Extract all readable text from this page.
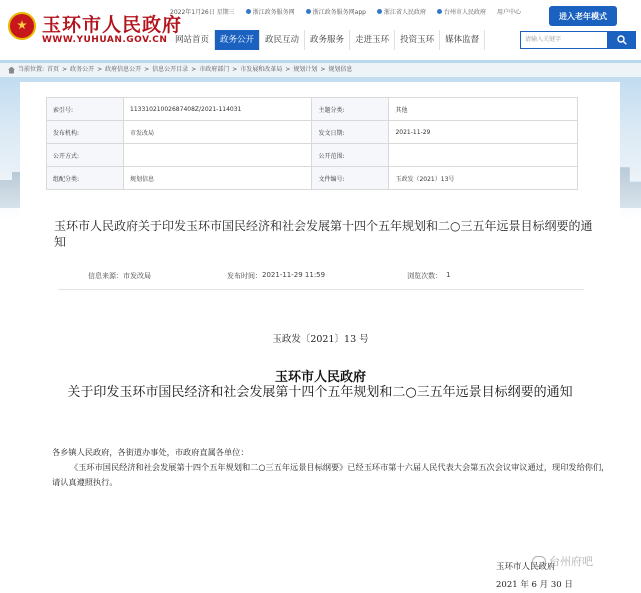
玉环市人民政府
WWW.YUHUAN.GOV.CN
2022年1月26日 星期三	浙江政务服务网	浙江政务服务网app	浙江省人民政府	台州市人民政府 用户中心	进入老年模式
网站首页	政务公开	政民互动	政务服务	走进玉环	投资玉环	媒体监督	请输入关键字
当前位置: 首页 > 政务公开 > 政府信息公开 > 信息公开目录 > 市政府部门 > 市发展和改革局 > 规划计划 > 规划信息
索引号:	11331021002687408Z/2021-114031	主题分类:	其他
发布机构:	市发改局	发文日期:	2021-11-29
公开方式:		公开范围:	
组配分类:	规划信息	文件编号:	玉政发（2021）13号
玉环市人民政府关于印发玉环市国民经济和社会发展第十四个五年规划和二○三五年远景目标纲要的通知
信息来源： 市发改局	发布时间： 2021-11-29 11:59	浏览次数： 1
玉政发〔2021〕13 号
玉环市人民政府
关于印发玉环市国民经济和社会发展第十四个五年规划和二○三五年远景目标纲要的通知

各乡镇人民政府，各街道办事处，市政府直属各单位：

《玉环市国民经济和社会发展第十四个五年规划和二○三五年远景目标纲要》已经玉环市第十六届人民代表大会第五次会议审议通过，现印发给你们，请认真遵照执行。

玉环市人民政府
2021 年 6 月 30 日
台州府吧
